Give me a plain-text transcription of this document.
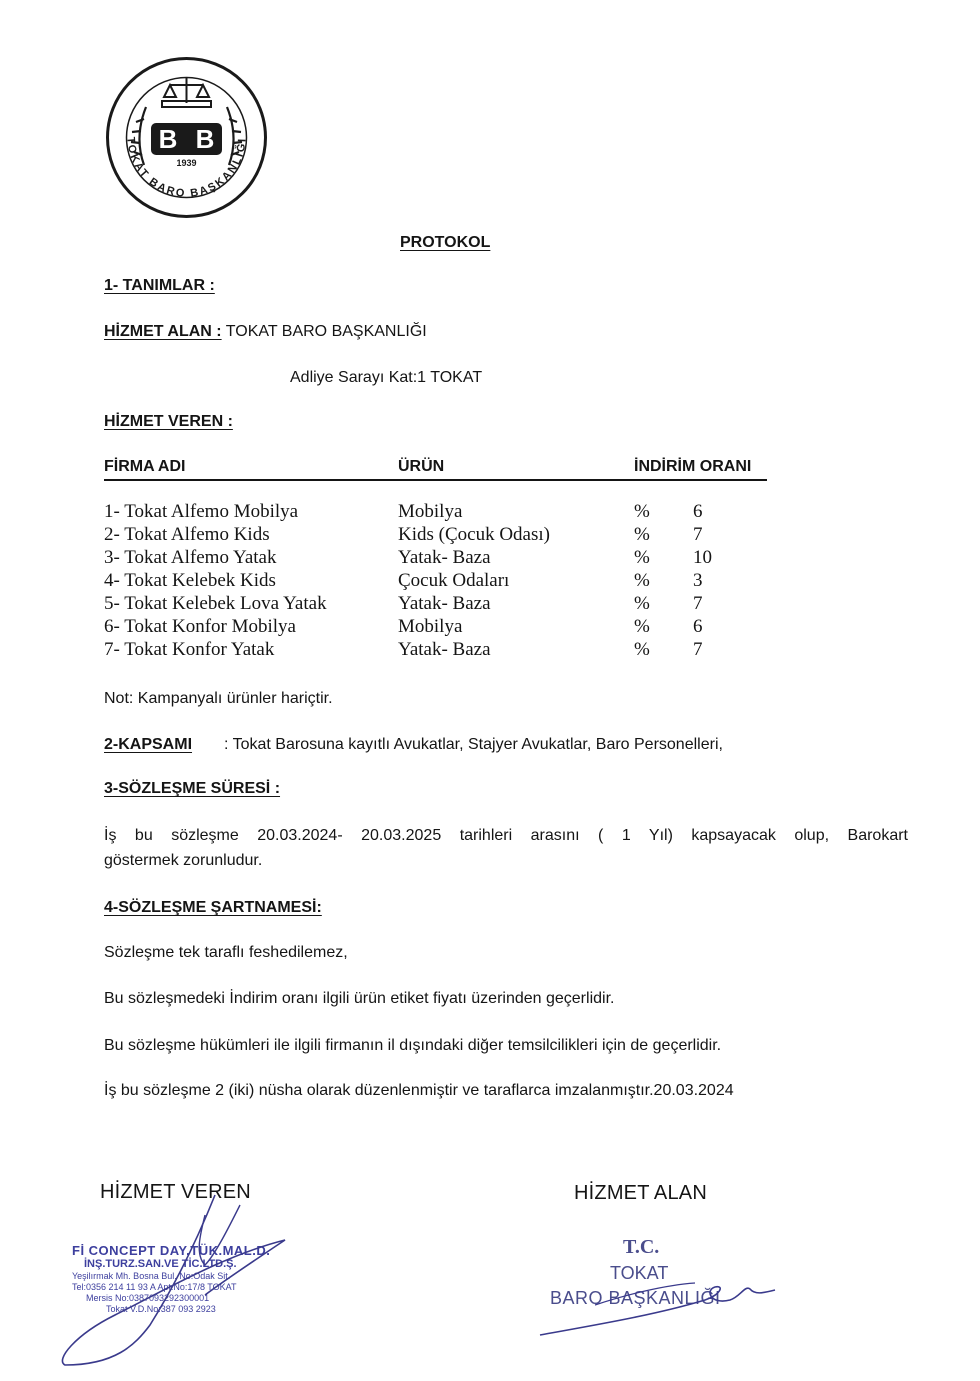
B B
1939
TOKAT BARO BAŞKANLIĞI
PROTOKOL
1- TANIMLAR :
HİZMET ALAN : TOKAT BARO BAŞKANLIĞI
Adliye Sarayı Kat:1 TOKAT
HİZMET VEREN :
FİRMA ADI	ÜRÜN	İNDİRİM ORANI
1- Tokat Alfemo Mobilya	Mobilya	% 6
2- Tokat Alfemo Kids	Kids (Çocuk Odası)	% 7
3- Tokat Alfemo Yatak	Yatak- Baza	% 10
4- Tokat Kelebek Kids	Çocuk Odaları	% 3
5- Tokat Kelebek Lova Yatak	Yatak- Baza	% 7
6- Tokat Konfor Mobilya	Mobilya	% 6
7- Tokat Konfor Yatak	Yatak- Baza	% 7
Not: Kampanyalı ürünler hariçtir.
2-KAPSAMI : Tokat Barosuna kayıtlı Avukatlar, Stajyer Avukatlar, Baro Personelleri,
3-SÖZLEŞME SÜRESİ :
İş bu sözleşme 20.03.2024- 20.03.2025 tarihleri arasını ( 1 Yıl) kapsayacak olup, Barokart
göstermek zorunludur.
4-SÖZLEŞME ŞARTNAMESİ:
Sözleşme tek taraflı feshedilemez,
Bu sözleşmedeki İndirim oranı ilgili ürün etiket fiyatı üzerinden geçerlidir.
Bu sözleşme hükümleri ile ilgili firmanın il dışındaki diğer temsilcilikleri için de geçerlidir.
İş bu sözleşme 2 (iki) nüsha olarak düzenlenmiştir ve taraflarca imzalanmıştır.20.03.2024
HİZMET VEREN	HİZMET ALAN
Fİ CONCEPT DAY.TÜK.MAL.D.
İNŞ.TURZ.SAN.VE TİC.LTD.Ş.
Yeşilırmak Mh. Bosna Bul. No:Odak Sit.
Tel:0356 214 11 93 A Apt.No:17/8 TOKAT
Mersis No:0387093292300001
Tokat V.D.No:387 093 2923
T.C.
TOKAT
BARO BAŞKANLIĞI
